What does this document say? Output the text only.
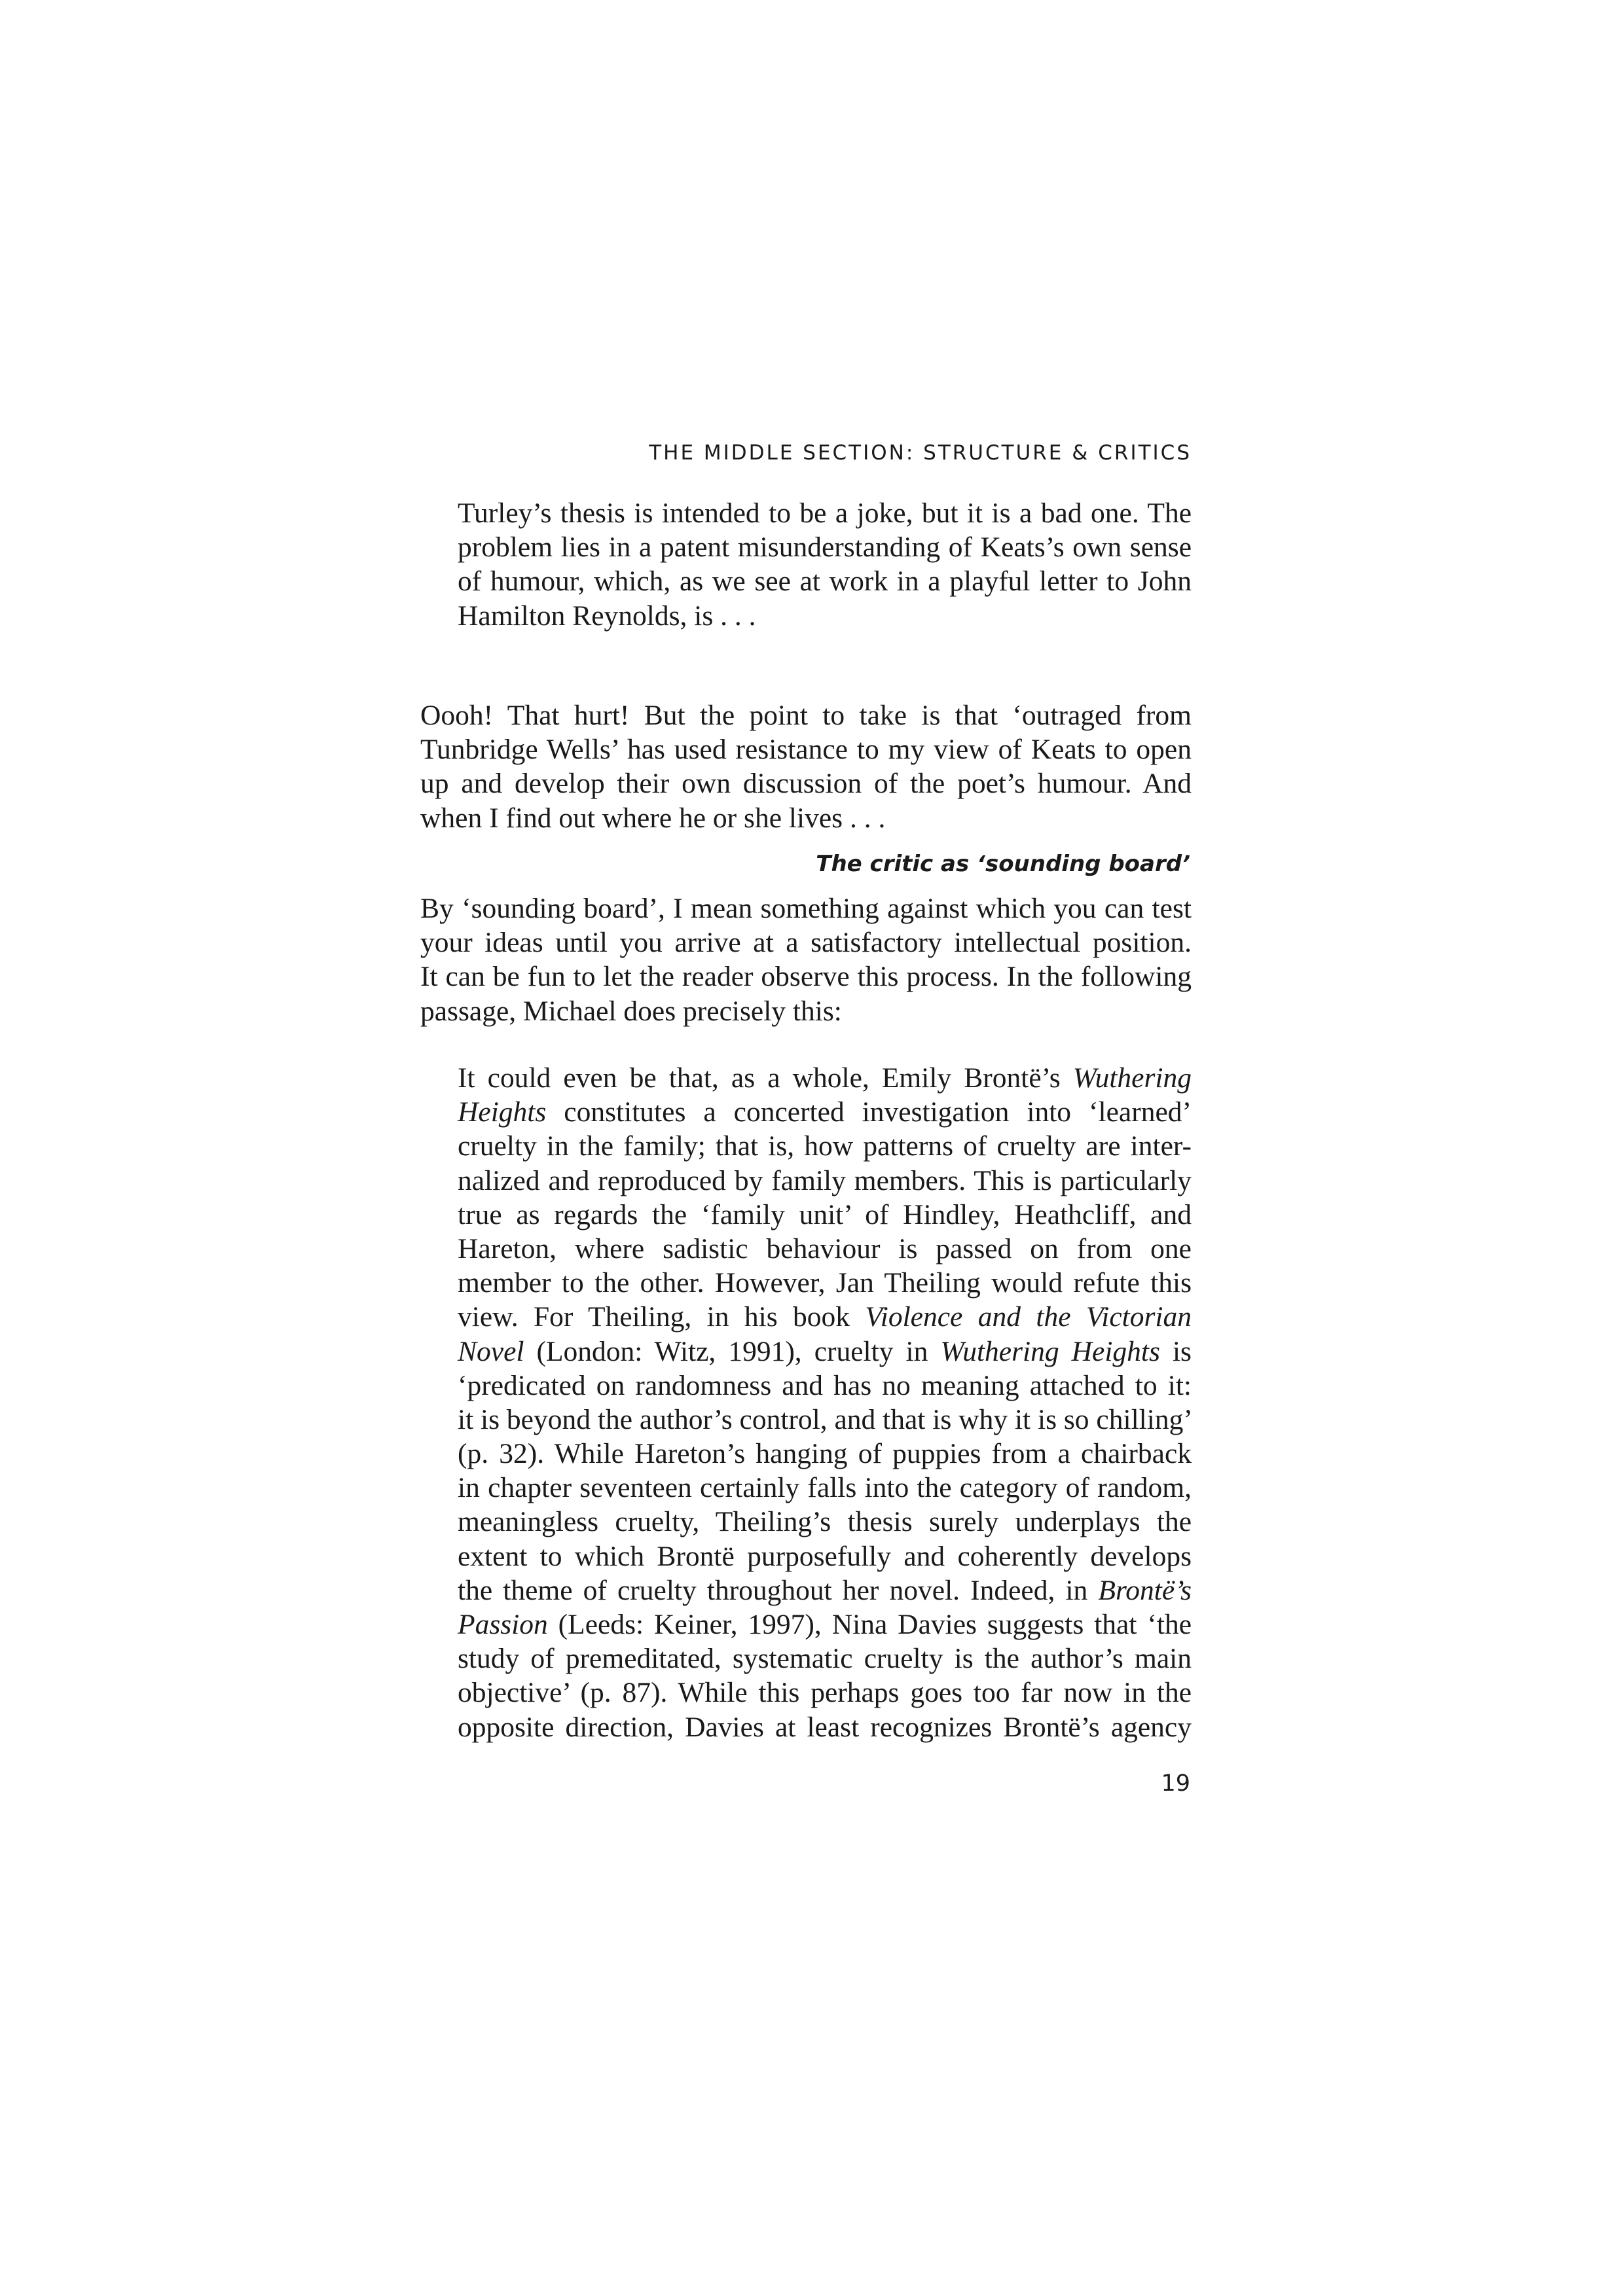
THE MIDDLE SECTION: STRUCTURE & CRITICS
Turley’s thesis is intended to be a joke, but it is a bad one. The
problem lies in a patent misunderstanding of Keats’s own sense
of humour, which, as we see at work in a playful letter to John
Hamilton Reynolds, is . . .
Oooh! That hurt! But the point to take is that ‘outraged from
Tunbridge Wells’ has used resistance to my view of Keats to open
up and develop their own discussion of the poet’s humour. And
when I find out where he or she lives . . .
The critic as ‘sounding board’
By ‘sounding board’, I mean something against which you can test
your ideas until you arrive at a satisfactory intellectual position.
It can be fun to let the reader observe this process. In the following
passage, Michael does precisely this:
It could even be that, as a whole, Emily Brontë’s Wuthering
Heights constitutes a concerted investigation into ‘learned’
cruelty in the family; that is, how patterns of cruelty are inter-
nalized and reproduced by family members. This is particularly
true as regards the ‘family unit’ of Hindley, Heathcliff, and
Hareton, where sadistic behaviour is passed on from one
member to the other. However, Jan Theiling would refute this
view. For Theiling, in his book Violence and the Victorian
Novel (London: Witz, 1991), cruelty in Wuthering Heights is
‘predicated on randomness and has no meaning attached to it:
it is beyond the author’s control, and that is why it is so chilling’
(p. 32). While Hareton’s hanging of puppies from a chairback
in chapter seventeen certainly falls into the category of random,
meaningless cruelty, Theiling’s thesis surely underplays the
extent to which Brontë purposefully and coherently develops
the theme of cruelty throughout her novel. Indeed, in Brontë’s
Passion (Leeds: Keiner, 1997), Nina Davies suggests that ‘the
study of premeditated, systematic cruelty is the author’s main
objective’ (p. 87). While this perhaps goes too far now in the
opposite direction, Davies at least recognizes Brontë’s agency
19
